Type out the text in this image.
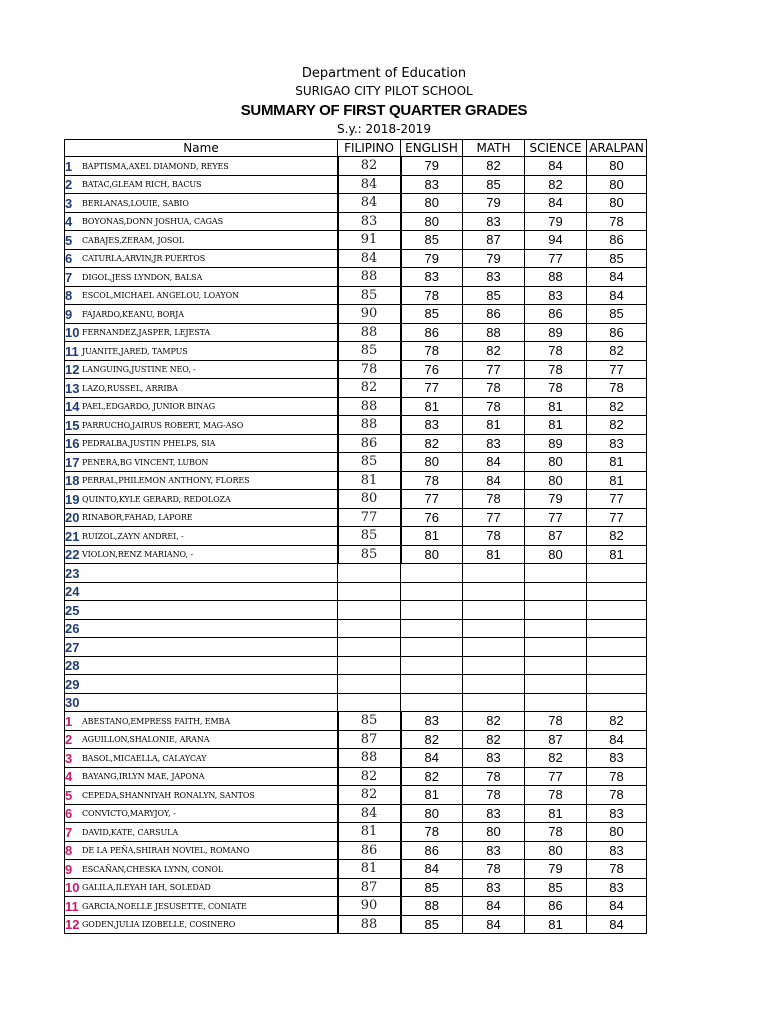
Department of Education
SURIGAO CITY PILOT SCHOOL
SUMMARY OF FIRST QUARTER GRADES
S.y.: 2018-2019
Name	FILIPINO	ENGLISH	MATH	SCIENCE	ARALPAN
1 BAPTISMA,AXEL DIAMOND, REYES	82	79	82	84	80
2 BATAC,GLEAM RICH, BACUS	84	83	85	82	80
3 BERLANAS,LOUIE, SABIO	84	80	79	84	80
4 BOYONAS,DONN JOSHUA, CAGAS	83	80	83	79	78
5 CABAJES,ZERAM, JOSOL	91	85	87	94	86
6 CATURLA,ARVIN,JR PUERTOS	84	79	79	77	85
7 DIGOL,JESS LYNDON, BALSA	88	83	83	88	84
8 ESCOL,MICHAEL ANGELOU, LOAYON	85	78	85	83	84
9 FAJARDO,KEANU, BORJA	90	85	86	86	85
10 FERNANDEZ,JASPER, LEJESTA	88	86	88	89	86
11 JUANITE,JARED, TAMPUS	85	78	82	78	82
12 LANGUING,JUSTINE NEO, -	78	76	77	78	77
13 LAZO,RUSSEL, ARRIBA	82	77	78	78	78
14 PAEL,EDGARDO, JUNIOR BINAG	88	81	78	81	82
15 PARRUCHO,JAIRUS ROBERT, MAG-ASO	88	83	81	81	82
16 PEDRALBA,JUSTIN PHELPS, SIA	86	82	83	89	83
17 PENERA,BG VINCENT, LUBON	85	80	84	80	81
18 PERRAL,PHILEMON ANTHONY, FLORES	81	78	84	80	81
19 QUINTO,KYLE GERARD, REDOLOZA	80	77	78	79	77
20 RINABOR,FAHAD, LAPORE	77	76	77	77	77
21 RUIZOL,ZAYN ANDREI, -	85	81	78	87	82
22 VIOLON,RENZ MARIANO, -	85	80	81	80	81
23					
24					
25					
26					
27					
28					
29					
30					
1 ABESTANO,EMPRESS FAITH, EMBA	85	83	82	78	82
2 AGUILLON,SHALONIE, ARANA	87	82	82	87	84
3 BASOL,MICAELLA, CALAYCAY	88	84	83	82	83
4 BAYANG,IRLYN MAE, JAPONA	82	82	78	77	78
5 CEPEDA,SHANNIYAH RONALYN, SANTOS	82	81	78	78	78
6 CONVICTO,MARYJOY, -	84	80	83	81	83
7 DAVID,KATE, CARSULA	81	78	80	78	80
8 DE LA PEÑA,SHIRAH NOVIEL, ROMANO	86	86	83	80	83
9 ESCAÑAN,CHESKA LYNN, CONOL	81	84	78	79	78
10 GALILA,ILEYAH IAH, SOLEDAD	87	85	83	85	83
11 GARCIA,NOELLE JESUSETTE, CONIATE	90	88	84	86	84
12 GODEN,JULIA IZOBELLE, COSINERO	88	85	84	81	84
